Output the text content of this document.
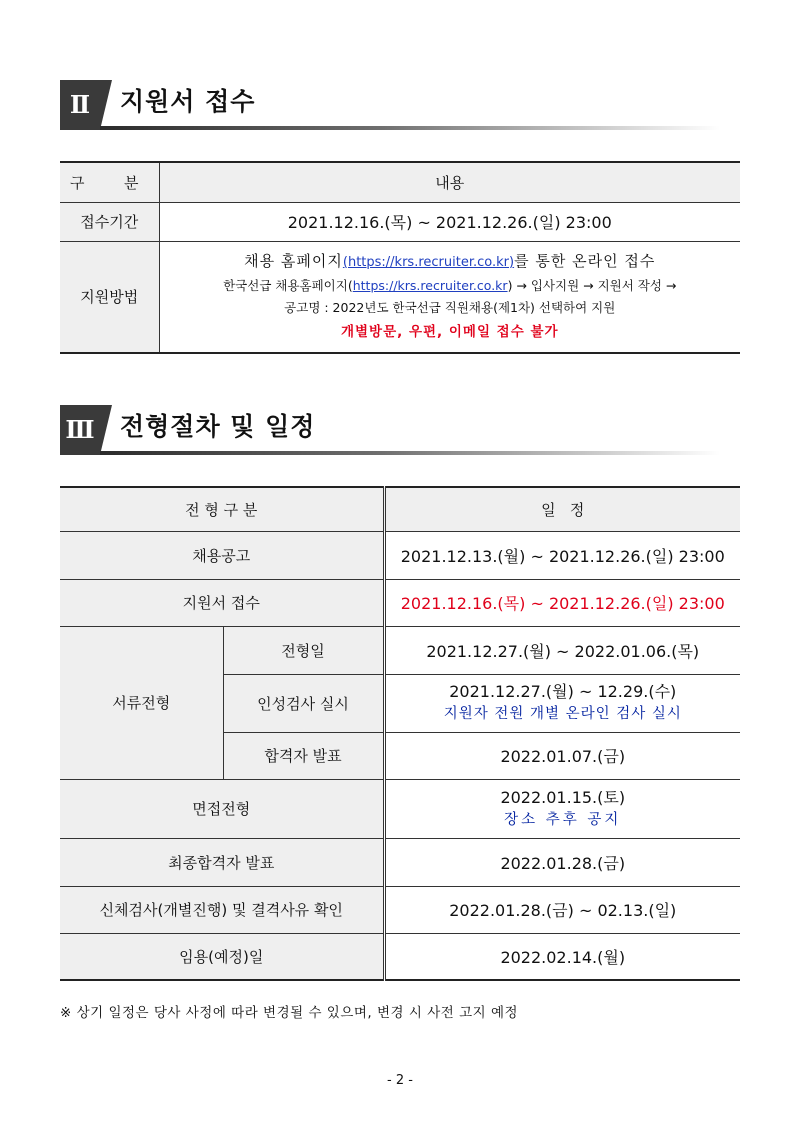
Ⅱ	지원서 접수
구  분	내용
접수기간	2021.12.16.(목) ~ 2021.12.26.(일) 23:00
지원방법	채용 홈페이지(https://krs.recruiter.co.kr)를 통한 온라인 접수
한국선급 채용홈페이지(https://krs.recruiter.co.kr) → 입사지원 → 지원서 작성 →
공고명 : 2022년도 한국선급 직원채용(제1차) 선택하여 지원
개별방문, 우편, 이메일 접수 불가
Ⅲ 전형절차 및 일정
전 형 구 분		일   정
채용공고		2021.12.13.(월) ~ 2021.12.26.(일) 23:00
지원서 접수		2021.12.16.(목) ~ 2021.12.26.(일) 23:00
서류전형	전형일	2021.12.27.(월) ~ 2022.01.06.(목)
	인성검사 실시	2021.12.27.(월) ~ 12.29.(수)
지원자 전원 개별 온라인 검사 실시

	합격자 발표	2022.01.07.(금)
면접전형		2022.01.15.(토)
장소 추후 공지

최종합격자 발표		2022.01.28.(금)
신체검사(개별진행) 및 결격사유 확인		2022.01.28.(금) ~ 02.13.(일)
임용(예정)일		2022.02.14.(월)
※ 상기 일정은 당사 사정에 따라 변경될 수 있으며, 변경 시 사전 고지 예정
- 2 -
